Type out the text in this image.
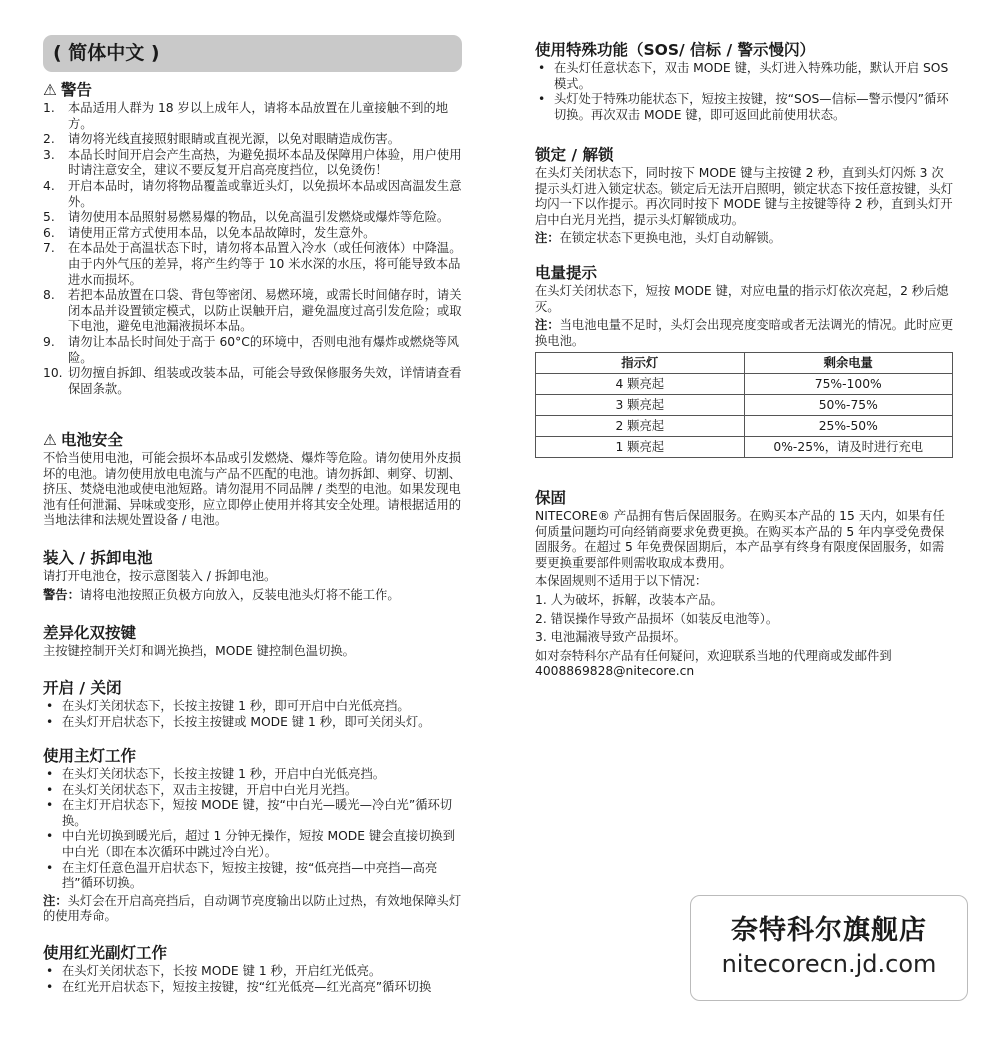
( 简体中文 )
⚠ 警告
1.	本品适用人群为 18 岁以上成年人，请将本品放置在儿童接触不到的地方。
2.	请勿将光线直接照射眼睛或直视光源，以免对眼睛造成伤害。
3.	本品长时间开启会产生高热，为避免损坏本品及保障用户体验，用户使用时请注意安全，建议不要反复开启高亮度挡位，以免烫伤！
4.	开启本品时，请勿将物品覆盖或靠近头灯，以免损坏本品或因高温发生意外。
5.	请勿使用本品照射易燃易爆的物品，以免高温引发燃烧或爆炸等危险。
6.	请使用正常方式使用本品，以免本品故障时，发生意外。
7.	在本品处于高温状态下时，请勿将本品置入冷水（或任何液体）中降温。由于内外气压的差异，将产生约等于 10 米水深的水压，将可能导致本品进水而损坏。
8.	若把本品放置在口袋、背包等密闭、易燃环境，或需长时间储存时，请关闭本品并设置锁定模式，以防止误触开启，避免温度过高引发危险；或取下电池，避免电池漏液损坏本品。
9.	请勿让本品长时间处于高于 60°C的环境中，否则电池有爆炸或燃烧等风险。
10. 切勿擅自拆卸、组装或改装本品，可能会导致保修服务失效，详情请查看保固条款。
⚠ 电池安全

不恰当使用电池，可能会损坏本品或引发燃烧、爆炸等危险。请勿使用外皮损坏的电池。请勿使用放电电流与产品不匹配的电池。请勿拆卸、刺穿、切割、挤压、焚烧电池或使电池短路。请勿混用不同品牌 / 类型的电池。如果发现电池有任何泄漏、异味或变形，应立即停止使用并将其安全处理。请根据适用的当地法律和法规处置设备 / 电池。

装入 / 拆卸电池

请打开电池仓，按示意图装入 / 拆卸电池。

警告：请将电池按照正负极方向放入，反装电池头灯将不能工作。

差异化双按键

主按键控制开关灯和调光换挡，MODE 键控制色温切换。

开启 / 关闭
• 在头灯关闭状态下，长按主按键 1 秒，即可开启中白光低亮挡。
• 在头灯开启状态下，长按主按键或 MODE 键 1 秒，即可关闭头灯。
使用主灯工作
• 在头灯关闭状态下，长按主按键 1 秒，开启中白光低亮挡。
• 在头灯关闭状态下，双击主按键，开启中白光月光挡。
• 在主灯开启状态下，短按 MODE 键，按“中白光—暖光—冷白光”循环切换。
• 中白光切换到暖光后，超过 1 分钟无操作，短按 MODE 键会直接切换到中白光（即在本次循环中跳过冷白光）。
• 在主灯任意色温开启状态下，短按主按键，按“低亮挡—中亮挡—高亮挡”循环切换。

注：头灯会在开启高亮挡后，自动调节亮度输出以防止过热，有效地保障头灯的使用寿命。

使用红光副灯工作
• 在头灯关闭状态下，长按 MODE 键 1 秒，开启红光低亮。
• 在红光开启状态下，短按主按键，按“红光低亮—红光高亮”循环切换
使用特殊功能（SOS/ 信标 / 警示慢闪）
• 在头灯任意状态下，双击 MODE 键，头灯进入特殊功能，默认开启 SOS 模式。
• 头灯处于特殊功能状态下，短按主按键，按“SOS—信标—警示慢闪”循环切换。再次双击 MODE 键，即可返回此前使用状态。
锁定 / 解锁

在头灯关闭状态下，同时按下 MODE 键与主按键 2 秒，直到头灯闪烁 3 次提示头灯进入锁定状态。锁定后无法开启照明，锁定状态下按任意按键，头灯均闪一下以作提示。再次同时按下 MODE 键与主按键等待 2 秒，直到头灯开启中白光月光挡，提示头灯解锁成功。

注：在锁定状态下更换电池，头灯自动解锁。

电量提示

在头灯关闭状态下，短按 MODE 键，对应电量的指示灯依次亮起，2 秒后熄灭。

注：当电池电量不足时，头灯会出现亮度变暗或者无法调光的情况。此时应更换电池。

指示灯	剩余电量
4 颗亮起	75%-100%
3 颗亮起	50%-75%
2 颗亮起	25%-50%
1 颗亮起	0%-25%，请及时进行充电
保固

NITECORE® 产品拥有售后保固服务。在购买本产品的 15 天内，如果有任何质量问题均可向经销商要求免费更换。在购买本产品的 5 年内享受免费保固服务。在超过 5 年免费保固期后，本产品享有终身有限度保固服务，如需要更换重要部件则需收取成本费用。

本保固规则不适用于以下情况：

1. 人为破坏，拆解，改装本产品。

2. 错误操作导致产品损坏（如装反电池等）。

3. 电池漏液导致产品损坏。

如对奈特科尔产品有任何疑问，欢迎联系当地的代理商或发邮件到 4008869828@nitecore.cn

奈特科尔旗舰店
nitecorecn.jd.com
